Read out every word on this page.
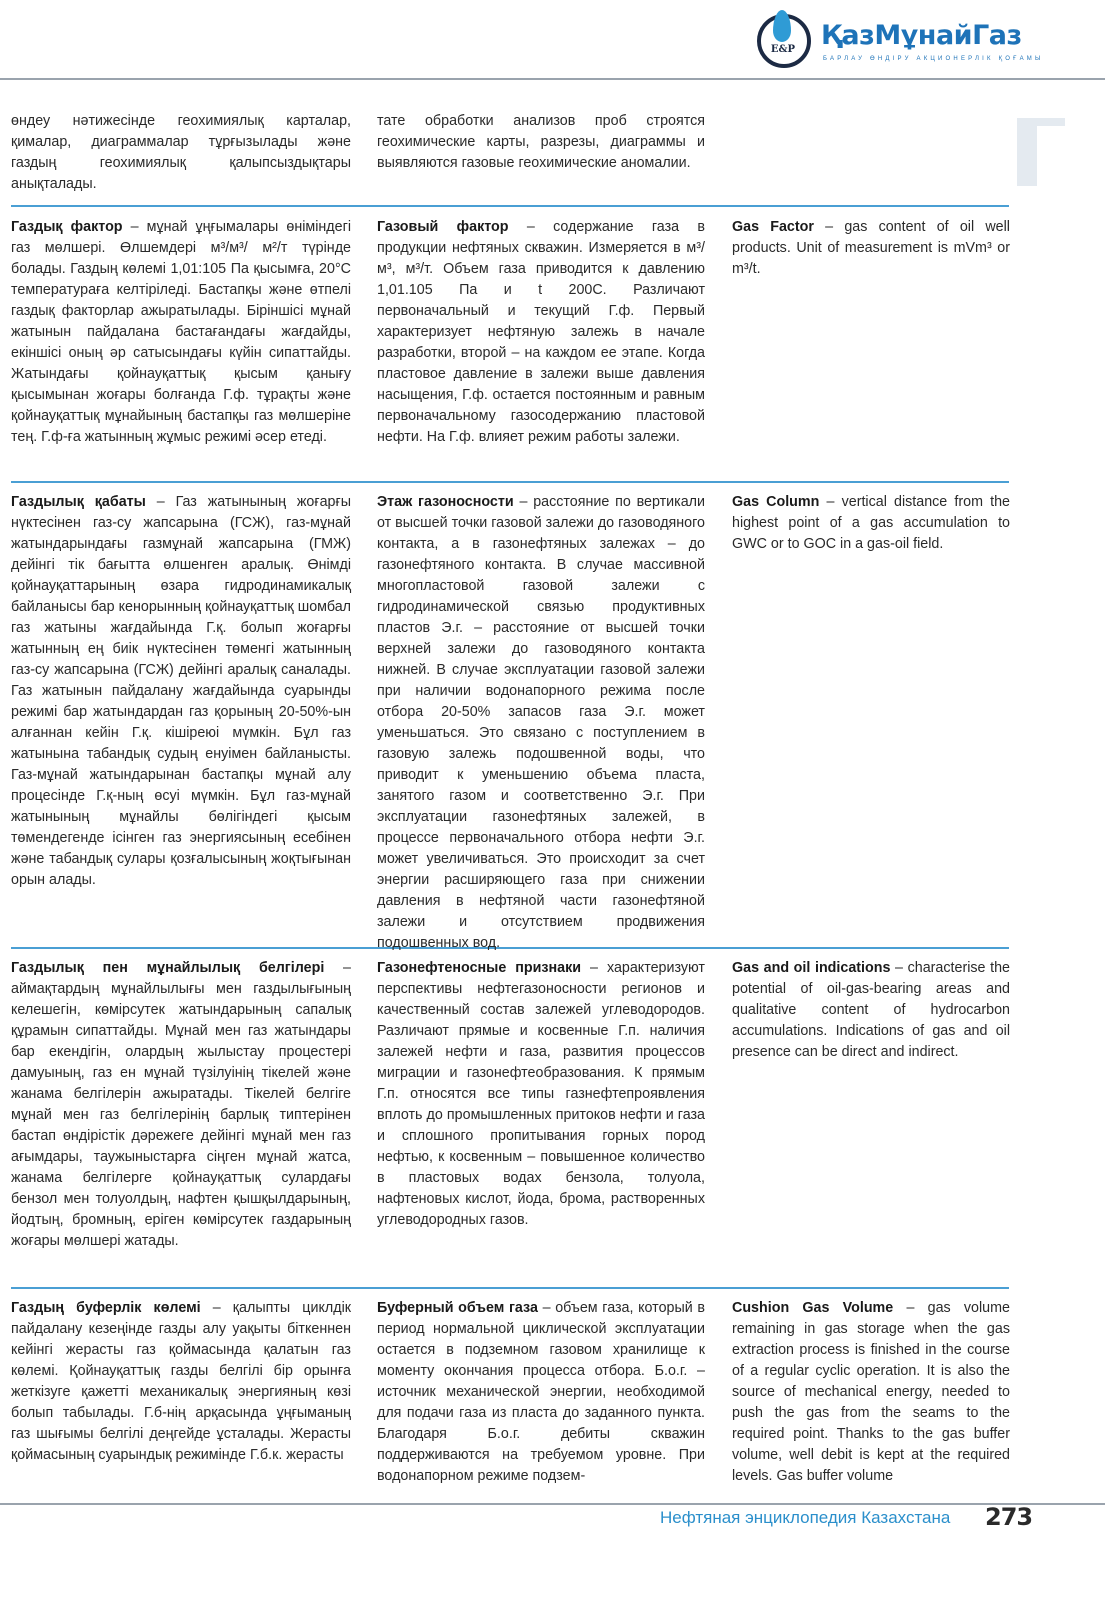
E&P ҚазМұнайГаз
БАРЛАУ ӨНДІРУ АКЦИОНЕРЛІК ҚОҒАМЫ
өндеу нәтижесінде геохимиялық карталар, қималар, диаграммалар тұрғызылады және газдың геохимиялық қалыпсыздықтары анықталады.
тате обработки анализов проб строятся геохимические карты, разрезы, диаграммы и выявляются газовые геохимические аномалии.
Газдық фактор – мұнай ұңғымалары өнімiндегi газ мөлшерi. Өлшемдерi м³/м³/ м²/т түрiнде болады. Газдың көлемi 1,01:105 Па қысымға, 20°С температураға келтiрiледi. Бастапқы және өтпелi газдық факторлар ажыратылады. Бiрiншiсi мұнай жатынын пайдалана бастағандағы жағдайды, екiншiсi оның әр сатысындағы күйiн сипаттайды. Жатындағы қойнауқаттық қысым қанығу қысымынан жоғары болғанда Г.ф. тұрақты және қойнауқаттық мұнайының бастапқы газ мөлшерiне тең. Г.ф-ға жатынның жұмыс режимi әсер етедi.
Газовый фактор – содержание газа в продукции нефтяных скважин. Измеряется в м³/м³, м³/т. Объем газа приводится к давлению 1,01.105 Па и t 200С. Различают первоначальный и текущий Г.ф. Первый характеризует нефтяную залежь в начале разработки, второй – на каждом ее этапе. Когда пластовое давление в залежи выше давления насыщения, Г.ф. остается постоянным и равным первоначальному газосодержанию пластовой нефти. На Г.ф. влияет режим работы залежи.
Gas Factor – gas content of oil well products. Unit of measurement is mVm³ or m³/t.
Газдылық қабаты – Газ жатынының жоғарғы нүктесiнен газ-су жапсарына (ГСЖ), газ-мұнай жатындарындағы газмұнай жапсарына (ГМЖ) дейiнгi тiк бағытта өлшенген аралық. Өнiмдi қойнауқаттарының өзара гидродинамикалық байланысы бар кенорынның қойнауқаттық шомбал газ жатыны жағдайында Г.қ. болып жоғарғы жатынның ең биiк нүктесiнен төменгi жатынның газ-су жапсарына (ГСЖ) дейiнгi аралық саналады. Газ жатынын пайдалану жағдайында суарынды режимi бар жатындардан газ қорының 20-50%-ын алғаннан кейiн Г.қ. кiшiреюi мүмкiн. Бұл газ жатынына табандық судың енуiмен байланысты. Газ-мұнай жатындарынан бастапқы мұнай алу процесiнде Г.қ-ның өсуi мүмкiн. Бұл газ-мұнай жатынының мұнайлы бөлiгiндегi қысым төмендегенде iсiнген газ энергиясының есебiнен және табандық сулары қозғалысының жоқтығынан орын алады.
Этаж газоносности – расстояние по вертикали от высшей точки газовой залежи до газоводяного контакта, а в газонефтяных залежах – до газонефтяного контакта. В случае массивной многопластовой газовой залежи с гидродинамической связью продуктивных пластов Э.г. – расстояние от высшей точки верхней залежи до газоводяного контакта нижней. В случае эксплуатации газовой залежи при наличии водонапорного режима после отбора 20-50% запасов газа Э.г. может уменьшаться. Это связано с поступлением в газовую залежь подошвенной воды, что приводит к уменьшению объема пласта, занятого газом и соответственно Э.г. При эксплуатации газонефтяных залежей, в процессе первоначального отбора нефти Э.г. может увеличиваться. Это происходит за счет энергии расширяющего газа при снижении давления в нефтяной части газонефтяной залежи и отсутствием продвижения подошвенных вод.
Gas Column – vertical distance from the highest point of a gas accumulation to GWC or to GOC in a gas-oil field.
Газдылық пен мұнайлылық белгiлерi – аймақтардың мұнайлылығы мен газдылығының келешегiн, көмiрсутек жатындарының сапалық құрамын сипаттайды. Мұнай мен газ жатындары бар екендiгiн, олардың жылыстау процестерi дамуының, газ ен мұнай түзiлуiнiң тiкелей және жанама белгiлерiн ажыратады. Тiкелей белгiге мұнай мен газ белгiлерiнiң барлық типтерiнен бастап өндiрiстiк дәрежеге дейiнгi мұнай мен газ ағымдары, таужыныстарға сiңген мұнай жатса, жанама белгiлерге қойнауқаттық сулардағы бензол мен толуолдың, нафтен қышқылдарының, йодтың, бромның, ерiген көмiрсутек газдарының жоғары мөлшерi жатады.
Газонефтеносные признаки – характеризуют перспективы нефтегазоносности регионов и качественный состав залежей углеводородов. Различают прямые и косвенные Г.п. наличия залежей нефти и газа, развития процессов миграции и газонефтеобразования. К прямым Г.п. относятся все типы газнефтепроявления вплоть до промышленных притоков нефти и газа и сплошного пропитывания горных пород нефтью, к косвенным – повышенное количество в пластовых водах бензола, толуола, нафтеновых кислот, йода, брома, растворенных углеводородных газов.
Gas and oil indications – characterise the potential of oil-gas-bearing areas and qualitative content of hydrocarbon accumulations. Indications of gas and oil presence can be direct and indirect.
Газдың буферлiк көлемi – қалыпты циклдiк пайдалану кезеңiнде газды алу уақыты бiткеннен кейiнгi жерасты газ қоймасында қалатын газ көлемi. Қойнауқаттық газды белгiлi бiр орынға жеткiзуге қажеттi механикалық энергияның көзi болып табылады. Г.б-нiң арқасында ұңғыманың газ шығымы белгiлi деңгейде ұсталады. Жерасты қоймасының суарындық режимiнде Г.б.к. жерасты
Буферный объем газа – объем газа, который в период нормальной циклической эксплуатации остается в подземном газовом хранилище к моменту окончания процесса отбора. Б.о.г. – источник механической энергии, необходимой для подачи газа из пласта до заданного пункта. Благодаря Б.о.г. дебиты скважин поддерживаются на требуемом уровне. При водонапорном режиме подзем-
Cushion Gas Volume – gas volume remaining in gas storage when the gas extraction process is finished in the course of a regular cyclic operation. It is also the source of mechanical energy, needed to push the gas from the seams to the required point. Thanks to the gas buffer volume, well debit is kept at the required levels. Gas buffer volume
Нефтяная энциклопедия Казахстана 273
